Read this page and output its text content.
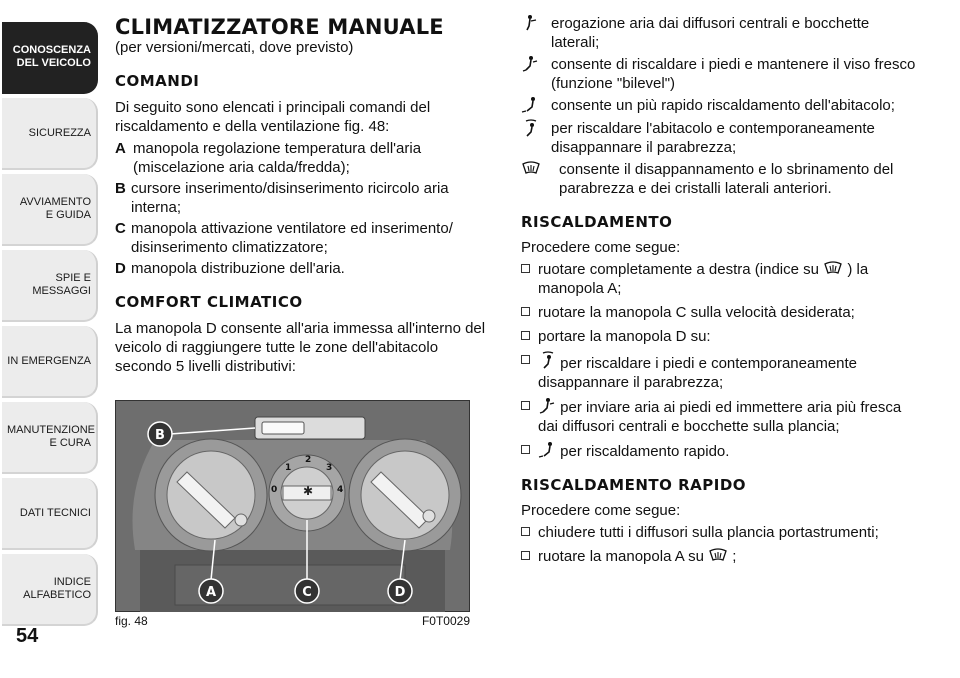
CONOSCENZA DEL VEICOLO
SICUREZZA
AVVIAMENTO E GUIDA
SPIE E MESSAGGI
IN EMERGENZA
MANUTENZIONE E CURA
DATI TECNICI
INDICE ALFABETICO
54
CLIMATIZZATORE MANUALE

(per versioni/mercati, dove previsto)

COMANDI

Di seguito sono elencati i principali comandi del riscaldamento e della ventilazione fig. 48:

A manopola regolazione temperatura dell'aria (miscelazione aria calda/fredda);
B cursore inserimento/disinserimento ricircolo aria interna;
C manopola attivazione ventilatore ed inserimento/ disinserimento climatizzatore;
D manopola distribuzione dell'aria.
COMFORT CLIMATICO

La manopola D consente all'aria immessa all'interno del veicolo di raggiungere tutte le zone dell'abitacolo secondo 5 livelli distributivi:

✱
0
1
2
3
4
B
A	C	D
fig. 48	F0T0029
erogazione aria dai diffusori centrali e bocchette laterali;
consente di riscaldare i piedi e mantenere il viso fresco (funzione "bilevel")
consente un più rapido riscaldamento dell'abitacolo;
per riscaldare l'abitacolo e contemporaneamente disappannare il parabrezza;
consente il disappannamento e lo sbrinamento del parabrezza e dei cristalli laterali anteriori.
RISCALDAMENTO

Procedere come segue:

ruotare completamente a destra (indice su ) la manopola A;
ruotare la manopola C sulla velocità desiderata;
portare la manopola D su:
per riscaldare i piedi e contemporaneamente disappannare il parabrezza;
per inviare aria ai piedi ed immettere aria più fresca dai diffusori centrali e bocchette sulla plancia;
per riscaldamento rapido.
RISCALDAMENTO RAPIDO

Procedere come segue:

chiudere tutti i diffusori sulla plancia portastrumenti;
ruotare la manopola A su ;
